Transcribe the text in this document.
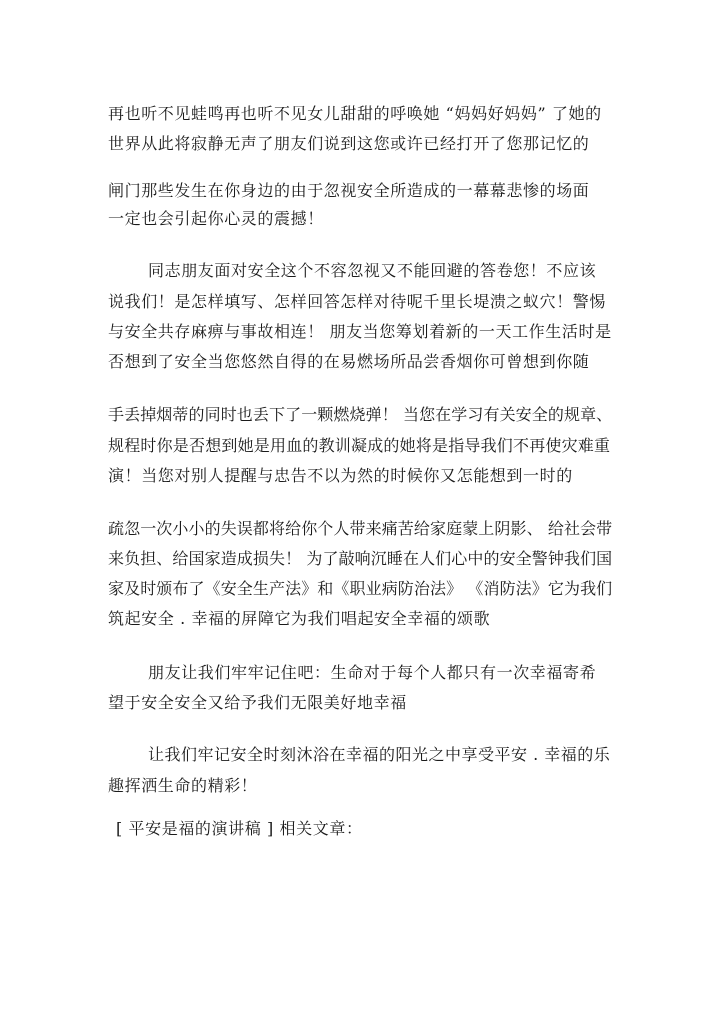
再也听不见蛙鸣再也听不见女儿甜甜的呼唤她 “妈妈好妈妈” 了她的
世界从此将寂静无声了朋友们说到这您或许已经打开了您那记忆的
闸门那些发生在你身边的由于忽视安全所造成的一幕幕悲惨的场面
一定也会引起你心灵的震撼！
同志朋友面对安全这个不容忽视又不能回避的答卷您！不应该
说我们！是怎样填写、怎样回答怎样对待呢千里长堤溃之蚁穴！警惕
与安全共存麻痹与事故相连！ 朋友当您筹划着新的一天工作生活时是
否想到了安全当您悠然自得的在易燃场所品尝香烟你可曾想到你随
手丢掉烟蒂的同时也丢下了一颗燃烧弹！ 当您在学习有关安全的规章、
规程时你是否想到她是用血的教训凝成的她将是指导我们不再使灾难重
演！当您对别人提醒与忠告不以为然的时候你又怎能想到一时的
疏忽一次小小的失误都将给你个人带来痛苦给家庭蒙上阴影、 给社会带
来负担、给国家造成损失！ 为了敲响沉睡在人们心中的安全警钟我们国
家及时颁布了《安全生产法》和《职业病防治法》 《消防法》它为我们
筑起安全 . 幸福的屏障它为我们唱起安全幸福的颂歌
朋友让我们牢牢记住吧：生命对于每个人都只有一次幸福寄希
望于安全安全又给予我们无限美好地幸福
让我们牢记安全时刻沐浴在幸福的阳光之中享受平安 . 幸福的乐
趣挥洒生命的精彩！
[ 平安是福的演讲稿 ] 相关文章：
